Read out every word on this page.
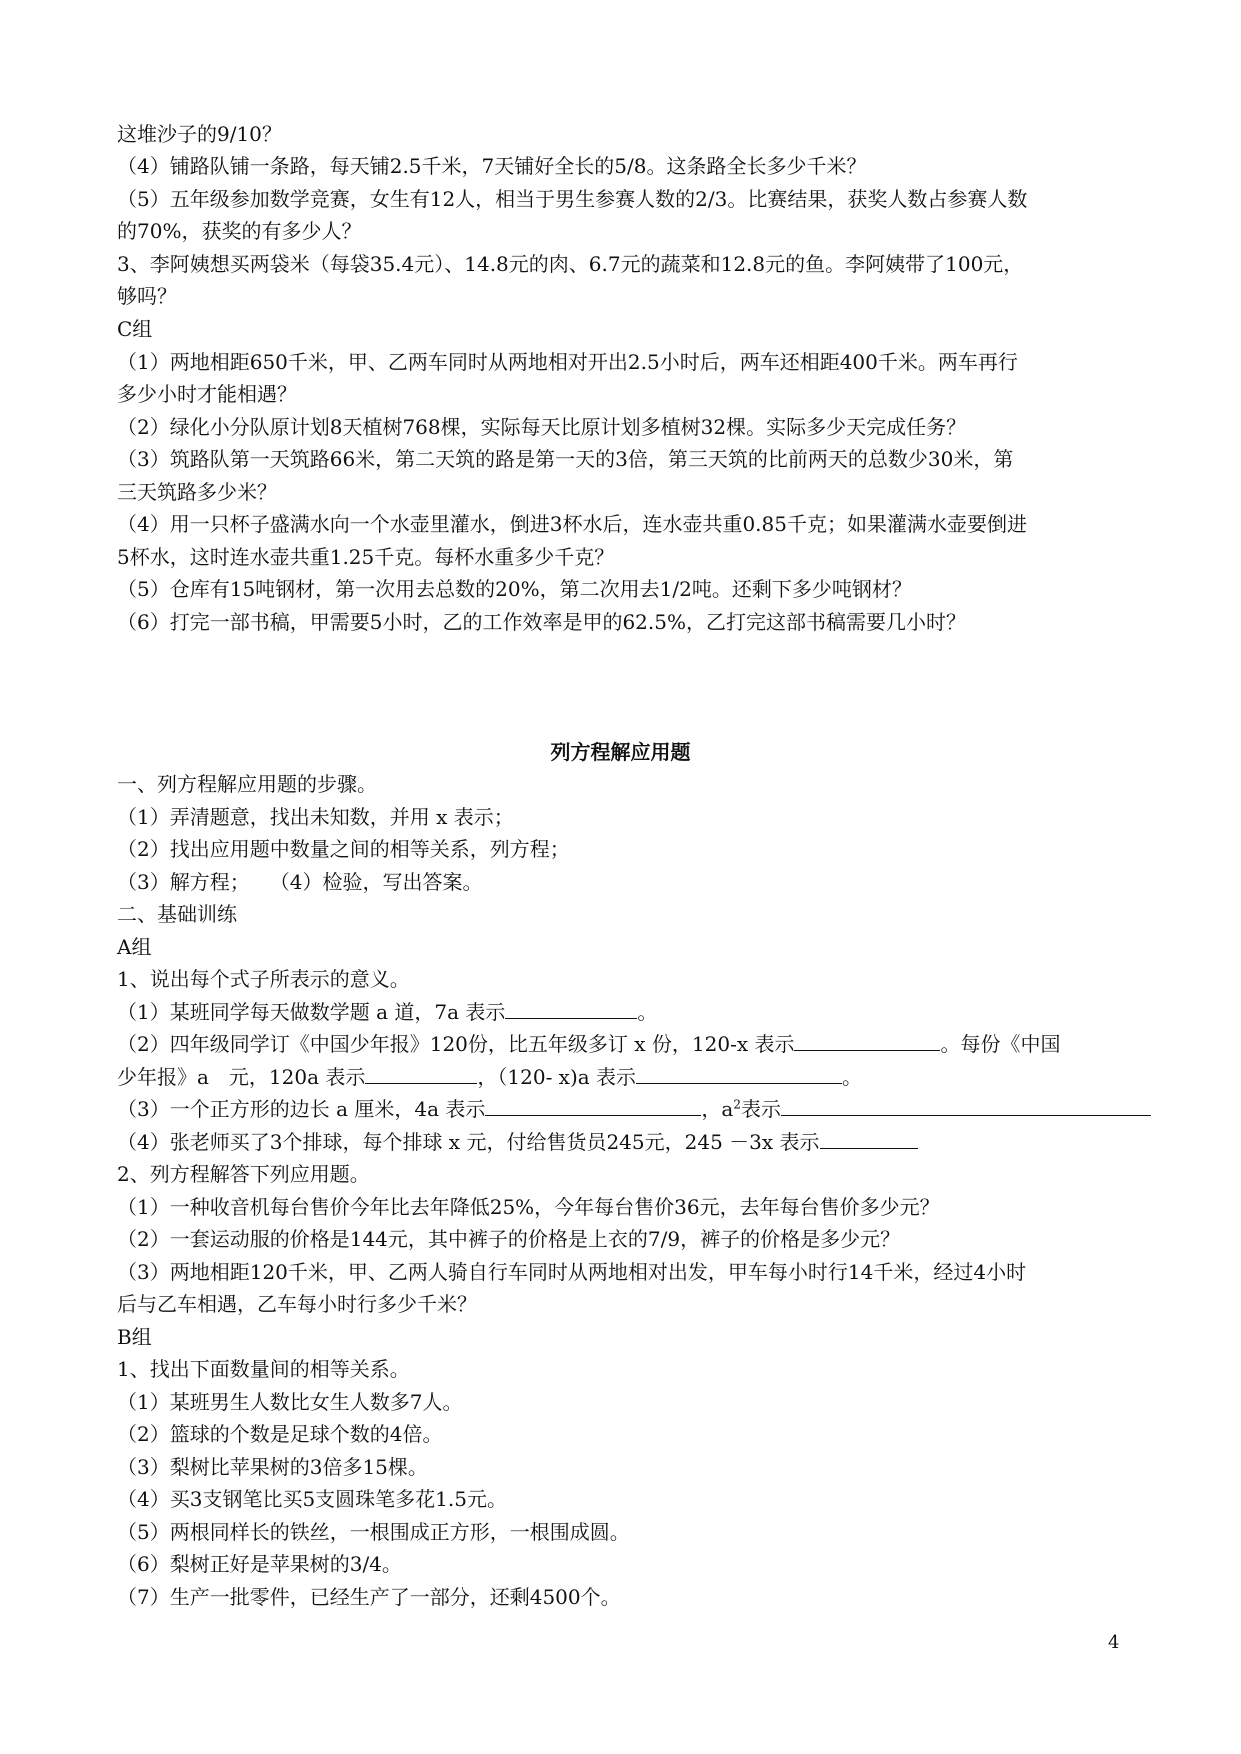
这堆沙子的9/10？
（4）铺路队铺一条路，每天铺2.5千米，7天铺好全长的5/8。这条路全长多少千米？
（5）五年级参加数学竞赛，女生有12人，相当于男生参赛人数的2/3。比赛结果，获奖人数占参赛人数
的70%，获奖的有多少人？
3、李阿姨想买两袋米（每袋35.4元）、14.8元的肉、6.7元的蔬菜和12.8元的鱼。李阿姨带了100元，
够吗？
C组
（1）两地相距650千米，甲、乙两车同时从两地相对开出2.5小时后，两车还相距400千米。两车再行
多少小时才能相遇？
（2）绿化小分队原计划8天植树768棵，实际每天比原计划多植树32棵。实际多少天完成任务？
（3）筑路队第一天筑路66米，第二天筑的路是第一天的3倍，第三天筑的比前两天的总数少30米，第
三天筑路多少米？
（4）用一只杯子盛满水向一个水壶里灌水，倒进3杯水后，连水壶共重0.85千克；如果灌满水壶要倒进
5杯水，这时连水壶共重1.25千克。每杯水重多少千克？
（5）仓库有15吨钢材，第一次用去总数的20%，第二次用去1/2吨。还剩下多少吨钢材？
（6）打完一部书稿，甲需要5小时，乙的工作效率是甲的62.5%，乙打完这部书稿需要几小时？
列方程解应用题
一、列方程解应用题的步骤。
（1）弄清题意，找出未知数，并用 x 表示；
（2）找出应用题中数量之间的相等关系，列方程；
（3）解方程；　　（4）检验，写出答案。
二、基础训练
A组
1、说出每个式子所表示的意义。
（1）某班同学每天做数学题 a 道，7a 表示	。
（2）四年级同学订《中国少年报》120份，比五年级多订 x 份，120-x 表示	。每份《中国
少年报》a　元，120a 表示	，（120- x)a 表示	。
（3）一个正方形的边长 a 厘米，4a 表示	，$a^2$表示
（4）张老师买了3个排球，每个排球 x 元，付给售货员245元，245 －3x 表示
2、列方程解答下列应用题。
（1）一种收音机每台售价今年比去年降低25%，今年每台售价36元，去年每台售价多少元？
（2）一套运动服的价格是144元，其中裤子的价格是上衣的7/9，裤子的价格是多少元？
（3）两地相距120千米，甲、乙两人骑自行车同时从两地相对出发，甲车每小时行14千米，经过4小时
后与乙车相遇，乙车每小时行多少千米？
B组
1、找出下面数量间的相等关系。
（1）某班男生人数比女生人数多7人。
（2）篮球的个数是足球个数的4倍。
（3）梨树比苹果树的3倍多15棵。
（4）买3支钢笔比买5支圆珠笔多花1.5元。
（5）两根同样长的铁丝，一根围成正方形，一根围成圆。
（6）梨树正好是苹果树的3/4。
（7）生产一批零件，已经生产了一部分，还剩4500个。
4
